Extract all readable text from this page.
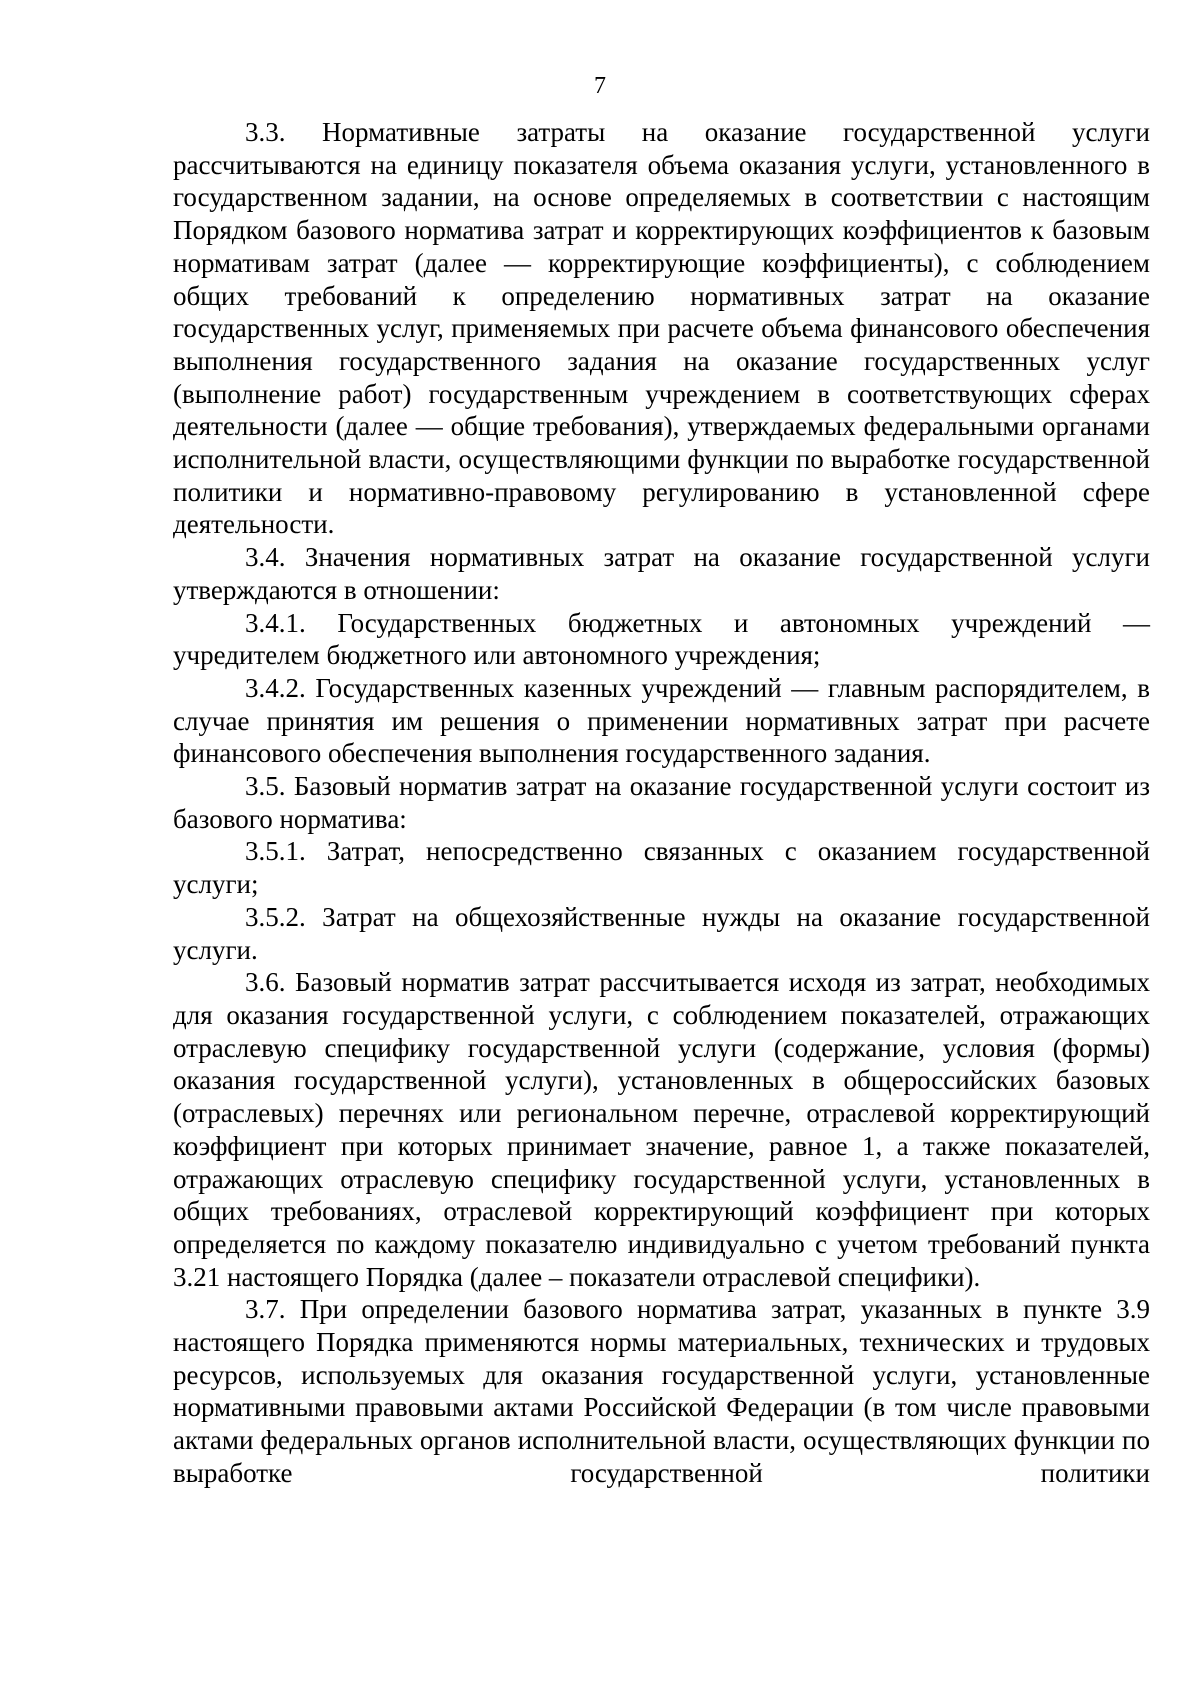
7

3.3. Нормативные затраты на оказание государственной услуги рассчитываются на единицу показателя объема оказания услуги, установленного в государственном задании, на основе определяемых в соответствии с настоящим Порядком базового норматива затрат и корректирующих коэффициентов к базовым нормативам затрат (далее — корректирующие коэффициенты), с соблюдением общих требований к определению нормативных затрат на оказание государственных услуг, применяемых при расчете объема финансового обеспечения выполнения государственного задания на оказание государственных услуг (выполнение работ) государственным учреждением в соответствующих сферах деятельности (далее — общие требования), утверждаемых федеральными органами исполнительной власти, осуществляющими функции по выработке государственной политики и нормативно-правовому регулированию в установленной сфере деятельности.

3.4. Значения нормативных затрат на оказание государственной услуги утверждаются в отношении:

3.4.1. Государственных бюджетных и автономных учреждений — учредителем бюджетного или автономного учреждения;

3.4.2. Государственных казенных учреждений — главным распорядителем, в случае принятия им решения о применении нормативных затрат при расчете финансового обеспечения выполнения государственного задания.

3.5. Базовый норматив затрат на оказание государственной услуги состоит из базового норматива:

3.5.1. Затрат, непосредственно связанных с оказанием государственной услуги;

3.5.2. Затрат на общехозяйственные нужды на оказание государственной услуги.

3.6. Базовый норматив затрат рассчитывается исходя из затрат, необходимых для оказания государственной услуги, с соблюдением показателей, отражающих отраслевую специфику государственной услуги (содержание, условия (формы) оказания государственной услуги), установленных в общероссийских базовых (отраслевых) перечнях или региональном перечне, отраслевой корректирующий коэффициент при которых принимает значение, равное 1, а также показателей, отражающих отраслевую специфику государственной услуги, установленных в общих требованиях, отраслевой корректирующий коэффициент при которых определяется по каждому показателю индивидуально с учетом требований пункта 3.21 настоящего Порядка (далее – показатели отраслевой специфики).

3.7. При определении базового норматива затрат, указанных в пункте 3.9 настоящего Порядка применяются нормы материальных, технических и трудовых ресурсов, используемых для оказания государственной услуги, установленные нормативными правовыми актами Российской Федерации (в том числе правовыми актами федеральных органов исполнительной власти, осуществляющих функции по выработке государственной политики
